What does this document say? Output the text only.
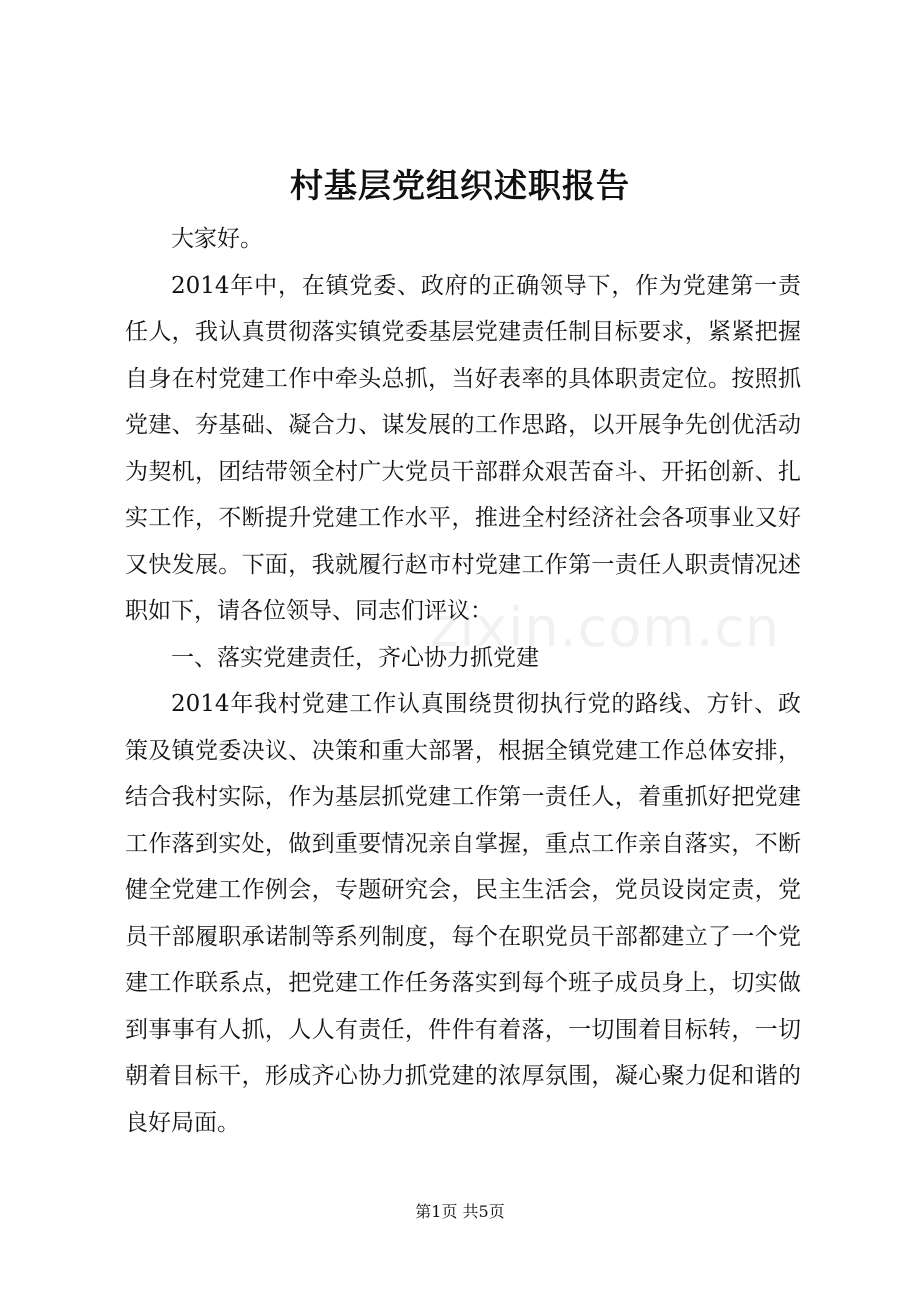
村基层党组织述职报告

大家好。

2014年中，在镇党委、政府的正确领导下，作为党建第一责任人，我认真贯彻落实镇党委基层党建责任制目标要求，紧紧把握自身在村党建工作中牵头总抓，当好表率的具体职责定位。按照抓党建、夯基础、凝合力、谋发展的工作思路，以开展争先创优活动为契机，团结带领全村广大党员干部群众艰苦奋斗、开拓创新、扎实工作，不断提升党建工作水平，推进全村经济社会各项事业又好又快发展。下面，我就履行赵市村党建工作第一责任人职责情况述职如下，请各位领导、同志们评议：

一、落实党建责任，齐心协力抓党建

2014年我村党建工作认真围绕贯彻执行党的路线、方针、政策及镇党委决议、决策和重大部署，根据全镇党建工作总体安排，结合我村实际，作为基层抓党建工作第一责任人，着重抓好把党建工作落到实处，做到重要情况亲自掌握，重点工作亲自落实，不断健全党建工作例会，专题研究会，民主生活会，党员设岗定责，党员干部履职承诺制等系列制度，每个在职党员干部都建立了一个党建工作联系点，把党建工作任务落实到每个班子成员身上，切实做到事事有人抓，人人有责任，件件有着落，一切围着目标转，一切朝着目标干，形成齐心协力抓党建的浓厚氛围，凝心聚力促和谐的良好局面。

zixin.com.cn
第1页 共5页
